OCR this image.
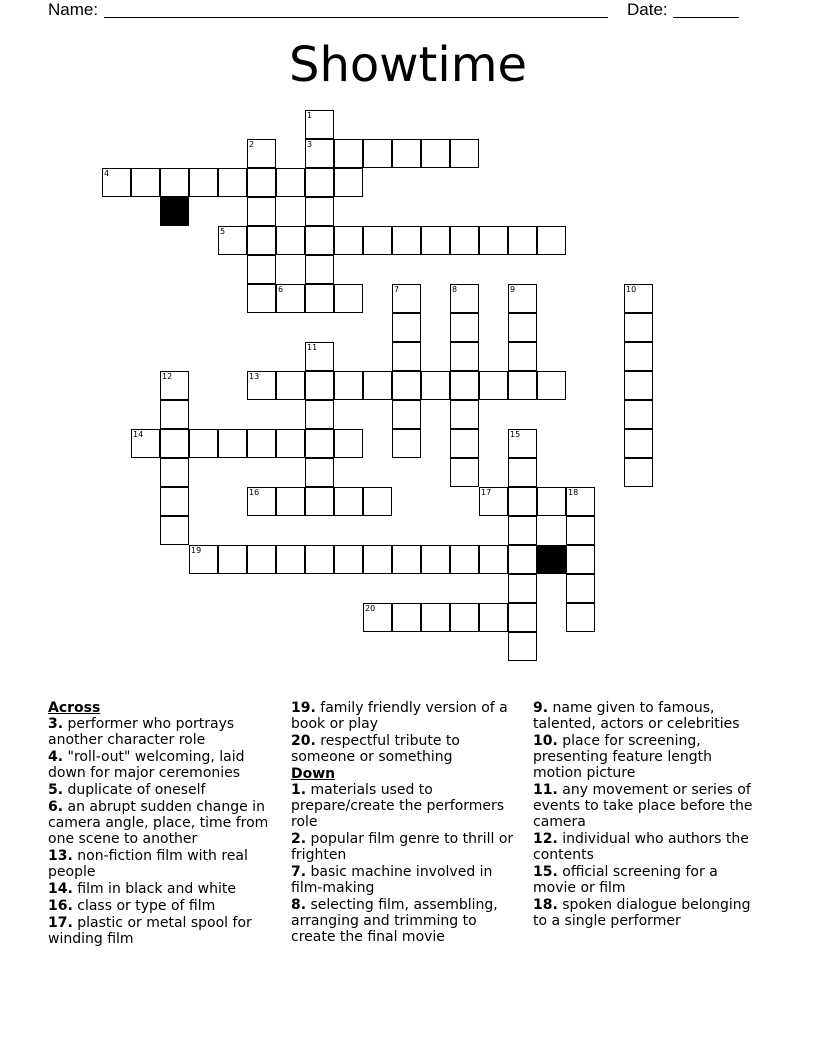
Name:	Date:
Showtime
1
2	3
4
5
6	7	8	9	10
11
12	13
14	15
16	17	18
19
20
Across
3. performer who portrays another character role
4. "roll-out" welcoming, laid down for major ceremonies
5. duplicate of oneself
6. an abrupt sudden change in camera angle, place, time from one scene to another
13. non-fiction film with real people
14. film in black and white
16. class or type of film
17. plastic or metal spool for winding film
19. family friendly version of a book or play
20. respectful tribute to someone or something
Down
1. materials used to prepare/create the performers role
2. popular film genre to thrill or frighten
7. basic machine involved in film-making
8. selecting film, assembling, arranging and trimming to create the final movie
9. name given to famous, talented, actors or celebrities
10. place for screening, presenting feature length motion picture
11. any movement or series of events to take place before the camera
12. individual who authors the contents
15. official screening for a movie or film
18. spoken dialogue belonging to a single performer
